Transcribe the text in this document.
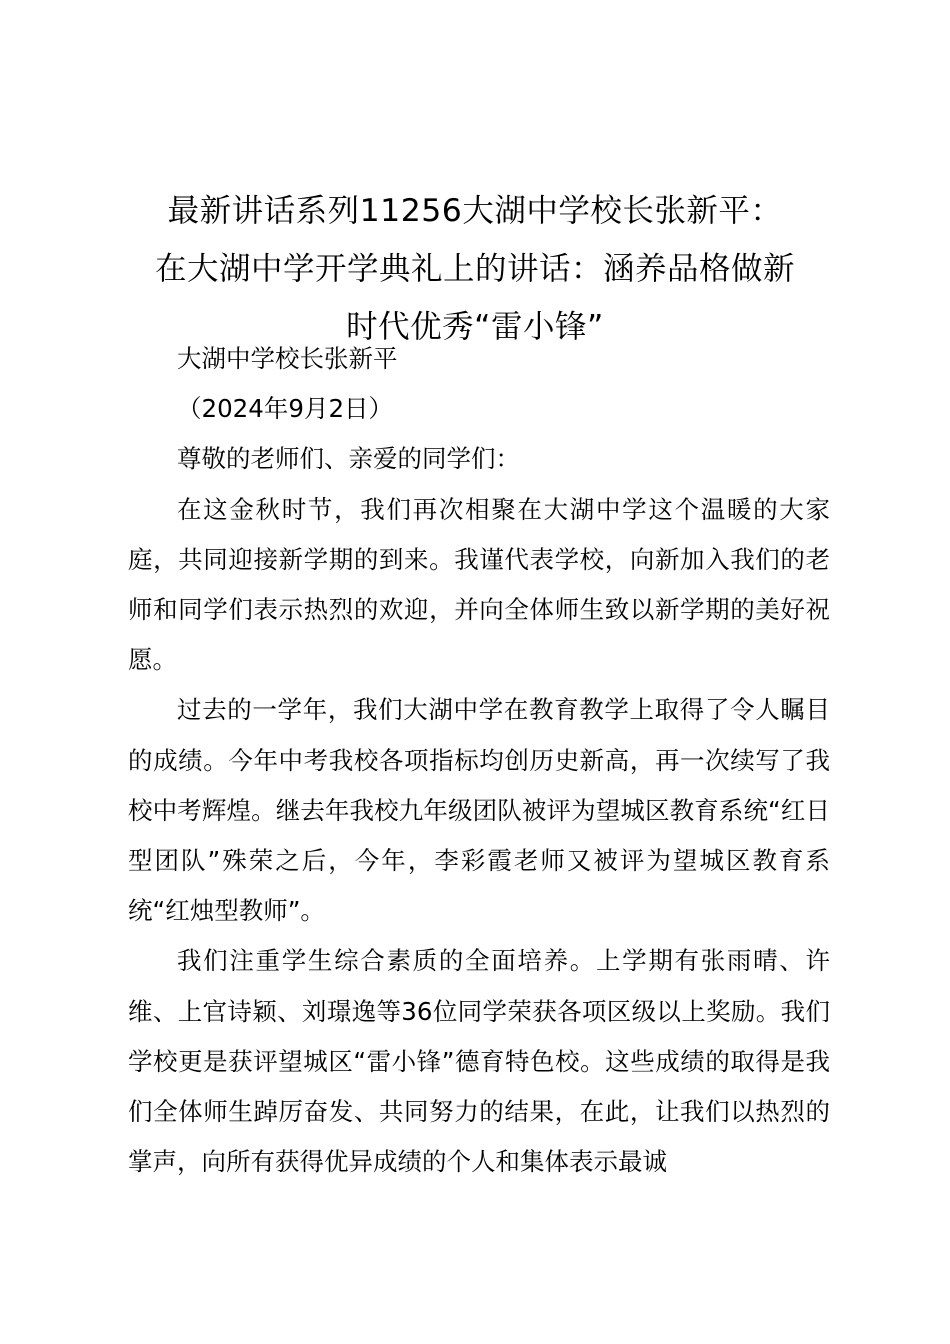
最新讲话系列11256大湖中学校长张新平：
在大湖中学开学典礼上的讲话：涵养品格做新
时代优秀“雷小锋”

大湖中学校长张新平

（2024年9月2日）

尊敬的老师们、亲爱的同学们：

在这金秋时节，我们再次相聚在大湖中学这个温暖的大家庭，共同迎接新学期的到来。我谨代表学校，向新加入我们的老师和同学们表示热烈的欢迎，并向全体师生致以新学期的美好祝愿。

过去的一学年，我们大湖中学在教育教学上取得了令人瞩目的成绩。今年中考我校各项指标均创历史新高，再一次续写了我校中考辉煌。继去年我校九年级团队被评为望城区教育系统“红日型团队”殊荣之后，今年，李彩霞老师又被评为望城区教育系统“红烛型教师”。

我们注重学生综合素质的全面培养。上学期有张雨晴、许维、上官诗颖、刘璟逸等36位同学荣获各项区级以上奖励。我们学校更是获评望城区“雷小锋”德育特色校。这些成绩的取得是我们全体师生踔厉奋发、共同努力的结果，在此，让我们以热烈的掌声，向所有获得优异成绩的个人和集体表示最诚
